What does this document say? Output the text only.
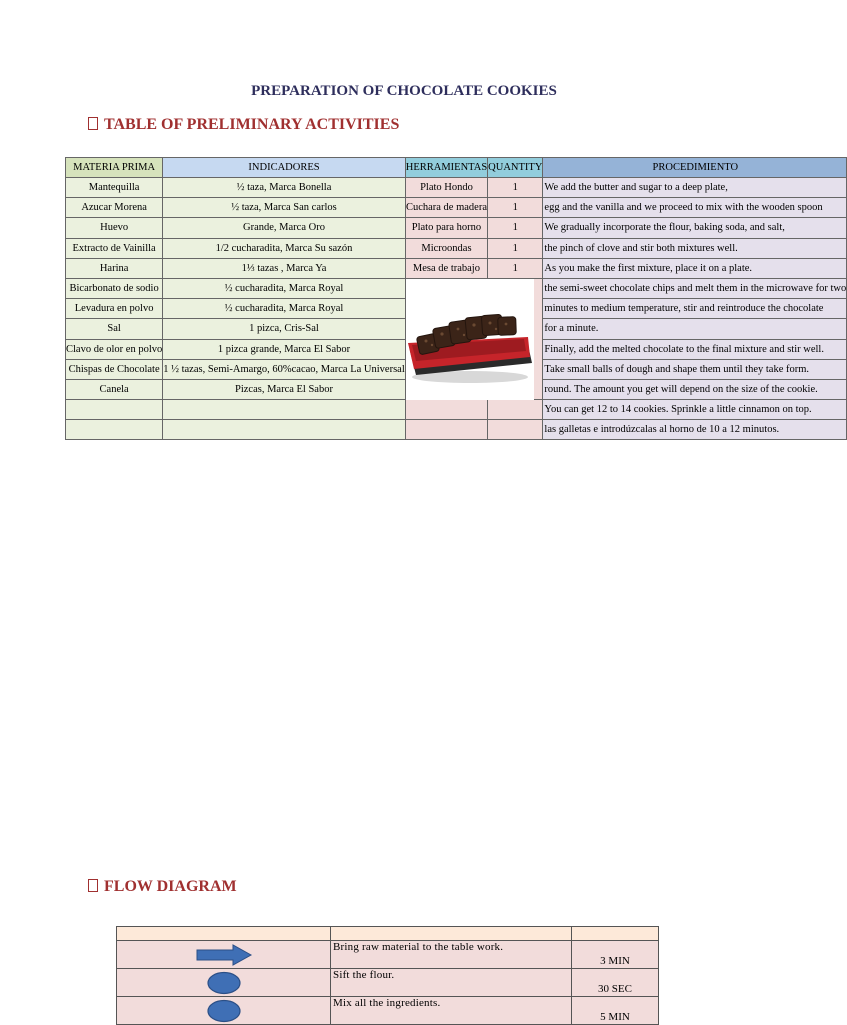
PREPARATION OF CHOCOLATE COOKIES
TABLE OF PRELIMINARY ACTIVITIES
MATERIA PRIMA	INDICADORES	HERRAMIENTAS	QUANTITY	PROCEDIMIENTO
Mantequilla	½ taza, Marca Bonella	Plato Hondo	1	We add the butter and sugar to a deep plate,
Azucar Morena	½ taza, Marca San carlos	Cuchara de madera	1	egg and the vanilla and we proceed to mix with the wooden spoon
Huevo	Grande, Marca Oro	Plato para horno	1	We gradually incorporate the flour, baking soda, and salt,
Extracto de Vainilla	1/2 cucharadita, Marca Su sazón	Microondas	1	the pinch of clove and stir both mixtures well.
Harina	1⅓ tazas , Marca Ya	Mesa de trabajo	1	As you make the first mixture, place it on a plate.
Bicarbonato de sodio	½ cucharadita, Marca Royal			the semi-sweet chocolate chips and melt them in the microwave for two
Levadura en polvo	½ cucharadita, Marca Royal			minutes to medium temperature, stir and reintroduce the chocolate
Sal	1 pizca, Cris-Sal			for a minute.
Clavo de olor en polvo	1 pizca grande, Marca El Sabor			Finally, add the melted chocolate to the final mixture and stir well.
Chispas de Chocolate	1 ½ tazas, Semi-Amargo, 60%cacao, Marca La Universal			Take small balls of dough and shape them until they take form.
Canela	Pizcas, Marca El Sabor			round. The amount you get will depend on the size of the cookie.
				You can get 12 to 14 cookies. Sprinkle a little cinnamon on top.
				las galletas e introdúzcalas al horno de 10 a 12 minutos.
FLOW DIAGRAM

	Bring raw material to the table work.	3 MIN

	Sift the flour.	30 SEC

	Mix all the ingredients.	5 MIN
